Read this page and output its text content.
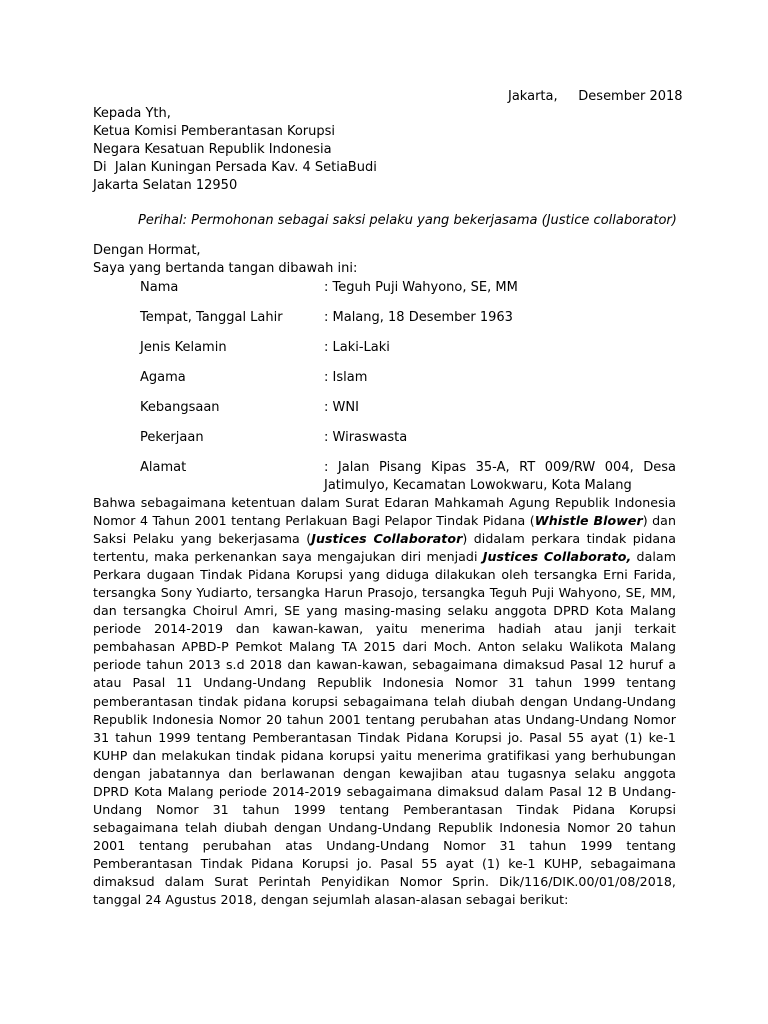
Jakarta, Desember 2018
Kepada Yth,
Ketua Komisi Pemberantasan Korupsi
Negara Kesatuan Republik Indonesia
Di  Jalan Kuningan Persada Kav. 4 SetiaBudi
Jakarta Selatan 12950
Perihal: Permohonan sebagai saksi pelaku yang bekerjasama (Justice collaborator)
Dengan Hormat,
Saya yang bertanda tangan dibawah ini:
Nama	: Teguh Puji Wahyono, SE, MM
Tempat, Tanggal Lahir	: Malang, 18 Desember 1963
Jenis Kelamin	: Laki-Laki
Agama	: Islam
Kebangsaan	: WNI
Pekerjaan	: Wiraswasta
Alamat	: Jalan Pisang Kipas 35-A, RT 009/RW 004, Desa Jatimulyo, Kecamatan Lowokwaru, Kota Malang
Bahwa sebagaimana ketentuan dalam Surat Edaran Mahkamah Agung Republik Indonesia Nomor 4 Tahun 2001 tentang Perlakuan Bagi Pelapor Tindak Pidana (Whistle Blower) dan Saksi Pelaku yang bekerjasama (Justices Collaborator) didalam perkara tindak pidana tertentu, maka perkenankan saya mengajukan diri menjadi Justices Collaborato, dalam Perkara dugaan Tindak Pidana Korupsi yang diduga dilakukan oleh tersangka Erni Farida, tersangka Sony Yudiarto, tersangka Harun Prasojo, tersangka Teguh Puji Wahyono, SE, MM, dan tersangka Choirul Amri, SE yang masing-masing selaku anggota DPRD Kota Malang periode 2014-2019 dan kawan-kawan, yaitu menerima hadiah atau janji terkait pembahasan APBD-P Pemkot Malang TA 2015 dari Moch. Anton selaku Walikota Malang periode tahun 2013 s.d 2018 dan kawan-kawan, sebagaimana dimaksud Pasal 12 huruf a atau Pasal 11 Undang-Undang Republik Indonesia Nomor 31 tahun 1999 tentang pemberantasan tindak pidana korupsi sebagaimana telah diubah dengan Undang-Undang Republik Indonesia Nomor 20 tahun 2001 tentang perubahan atas Undang-Undang Nomor 31 tahun 1999 tentang Pemberantasan Tindak Pidana Korupsi jo. Pasal 55 ayat (1) ke-1 KUHP dan melakukan tindak pidana korupsi yaitu menerima gratifikasi yang berhubungan dengan jabatannya dan berlawanan dengan kewajiban atau tugasnya selaku anggota DPRD Kota Malang periode 2014-2019 sebagaimana dimaksud dalam Pasal 12 B Undang-Undang Nomor 31 tahun 1999 tentang Pemberantasan Tindak Pidana Korupsi sebagaimana telah diubah dengan Undang-Undang Republik Indonesia Nomor 20 tahun 2001 tentang perubahan atas Undang-Undang Nomor 31 tahun 1999 tentang Pemberantasan Tindak Pidana Korupsi jo. Pasal 55 ayat (1) ke-1 KUHP, sebagaimana dimaksud dalam Surat Perintah Penyidikan Nomor Sprin. Dik/116/DIK.00/01/08/2018, tanggal 24 Agustus 2018, dengan sejumlah alasan-alasan sebagai berikut:
